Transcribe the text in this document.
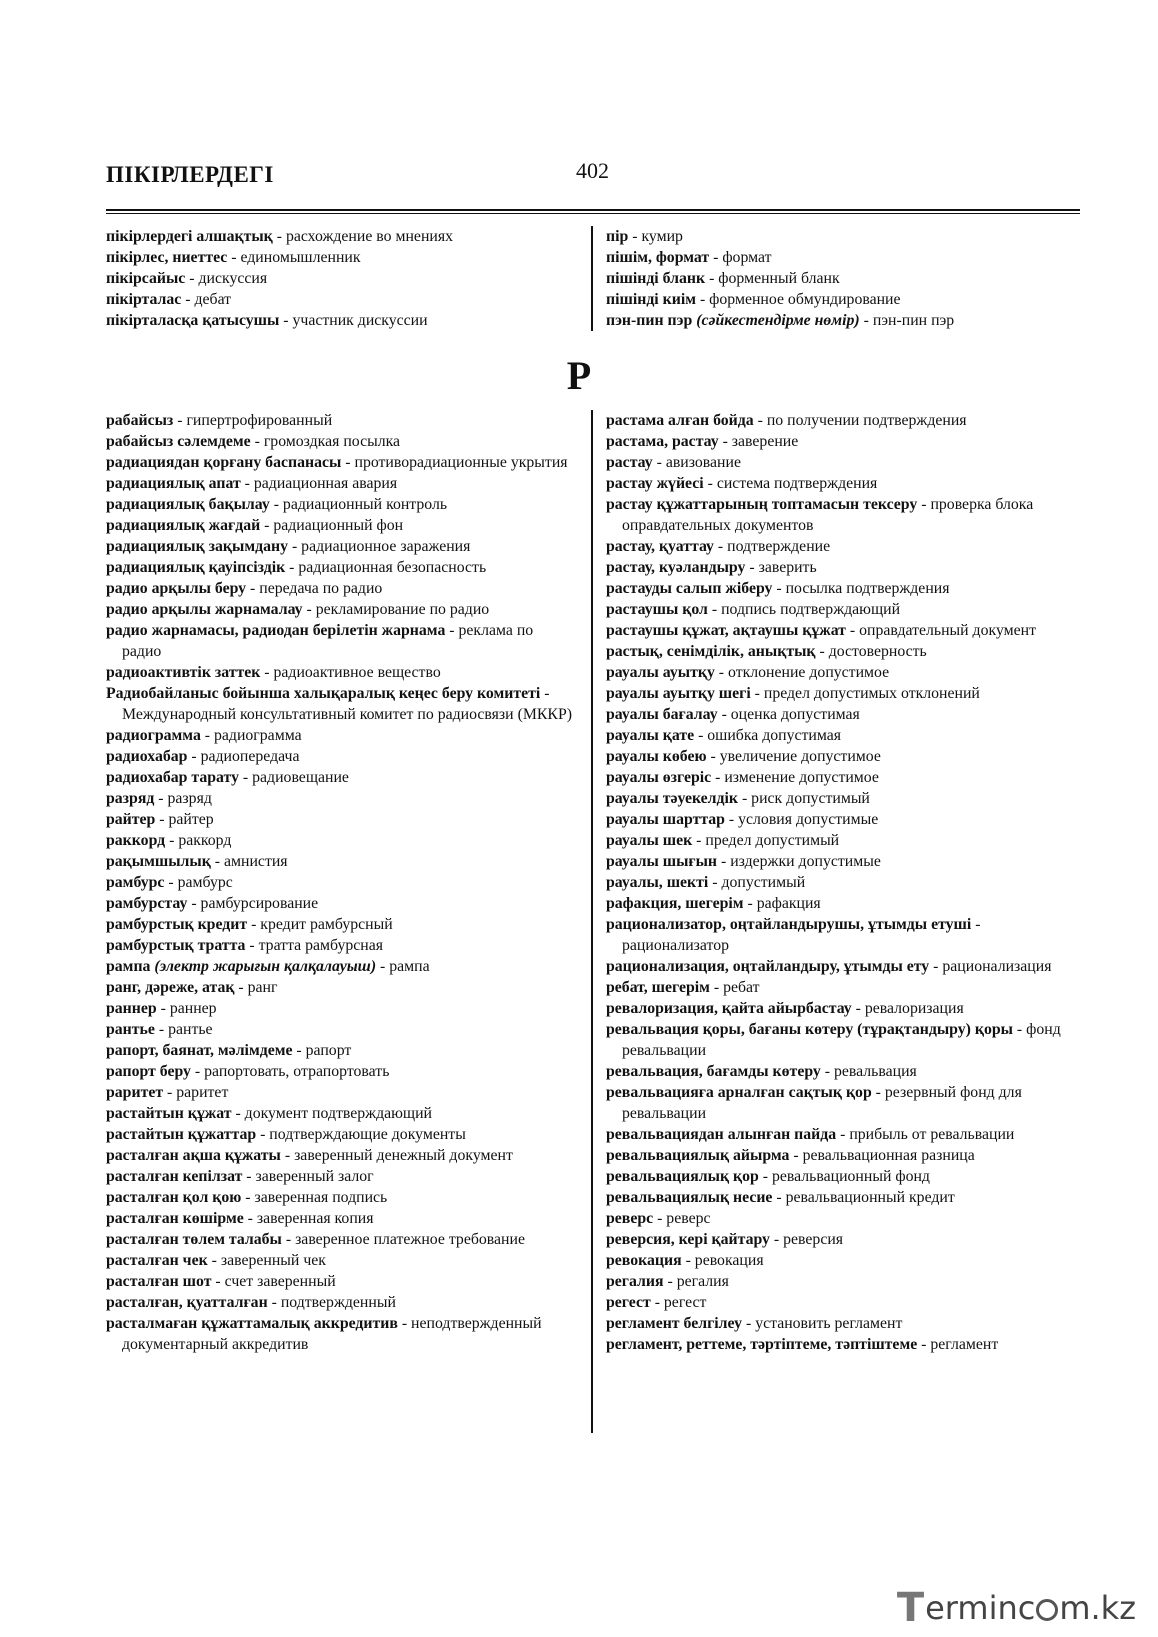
ПІКІРЛЕРДЕГІ	402
пікірлердегі алшақтық - расхождение во мнениях
пікірлес, ниеттес - единомышленник
пікірсайыс - дискуссия
пікірталас - дебат
пікірталасқа қатысушы - участник дискуссии
пір - кумир
пішім, формат - формат
пішінді бланк - форменный бланк
пішінді киім - форменное обмундирование
пэн-пин пэр (сәйкестендірме нөмір) - пэн-пин пэр
Р
рабайсыз - гипертрофированный
рабайсыз сәлемдеме - громоздкая посылка
радиациядан қорғану баспанасы - противорадиационные укрытия
радиациялық апат - радиационная авария
радиациялық бақылау - радиационный контроль
радиациялық жағдай - радиационный фон
радиациялық зақымдану - радиационное заражения
радиациялық қауіпсіздік - радиационная безопасность
радио арқылы беру - передача по радио
радио арқылы жарнамалау - рекламирование по радио
радио жарнамасы, радиодан берілетін жарнама - реклама по радио
радиоактивтік заттек - радиоактивное вещество
Радиобайланыс бойынша халықаралық кеңес беру комитеті - Международный консультативный комитет по радиосвязи (МККР)
радиограмма - радиограмма
радиохабар - радиопередача
радиохабар тарату - радиовещание
разряд - разряд
райтер - райтер
раккорд - раккорд
рақымшылық - амнистия
рамбурс - рамбурс
рамбурстау - рамбурсирование
рамбурстық кредит - кредит рамбурсный
рамбурстық тратта - тратта рамбурсная
рампа (электр жарығын қалқалауыш) - рампа
ранг, дәреже, атақ - ранг
раннер - раннер
рантье - рантье
рапорт, баянат, мәлімдеме - рапорт
рапорт беру - рапортовать, отрапортовать
раритет - раритет
растайтын құжат - документ подтверждающий
растайтын құжаттар - подтверждающие документы
расталған ақша құжаты - заверенный денежный документ
расталған кепілзат - заверенный залог
расталған қол қою - заверенная подпись
расталған көшірме - заверенная копия
расталған төлем талабы - заверенное платежное требование
расталған чек - заверенный чек
расталған шот - счет заверенный
расталған, қуатталған - подтвержденный
расталмаған құжаттамалық аккредитив - неподтвержденный документарный аккредитив
растама алған бойда - по получении подтверждения
растама, растау - заверение
растау - авизование
растау жүйесі - система подтверждения
растау құжаттарының топтамасын тексеру - проверка блока оправдательных документов
растау, қуаттау - подтверждение
растау, куәландыру - заверить
растауды салып жіберу - посылка подтверждения
растаушы қол - подпись подтверждающий
растаушы құжат, ақтаушы құжат - оправдательный документ
растық, сенімділік, анықтық - достоверность
рауалы ауытқу - отклонение допустимое
рауалы ауытқу шегі - предел допустимых отклонений
рауалы бағалау - оценка допустимая
рауалы қате - ошибка допустимая
рауалы көбею - увеличение допустимое
рауалы өзгеріс - изменение допустимое
рауалы тәуекелдік - риск допустимый
рауалы шарттар - условия допустимые
рауалы шек - предел допустимый
рауалы шығын - издержки допустимые
рауалы, шекті - допустимый
рафакция, шегерім - рафакция
рационализатор, оңтайландырушы, ұтымды етуші - рационализатор
рационализация, оңтайландыру, ұтымды ету - рационализация
ребат, шегерім - ребат
ревалоризация, қайта айырбастау - ревалоризация
ревальвация қоры, бағаны көтеру (тұрақтандыру) қоры - фонд ревальвации
ревальвация, бағамды көтеру - ревальвация
ревальвацияға арналған сақтық қор - резервный фонд для ревальвации
ревальвациядан алынған пайда - прибыль от ревальвации
ревальвациялық айырма - ревальвационная разница
ревальвациялық қор - ревальвационный фонд
ревальвациялық несие - ревальвационный кредит
реверс - реверс
реверсия, кері қайтару - реверсия
ревокация - ревокация
регалия - регалия
регест - регест
регламент белгілеу - установить регламент
регламент, реттеме, тәртіптеме, тәптіштеме - регламент
T ermin c m.kz
